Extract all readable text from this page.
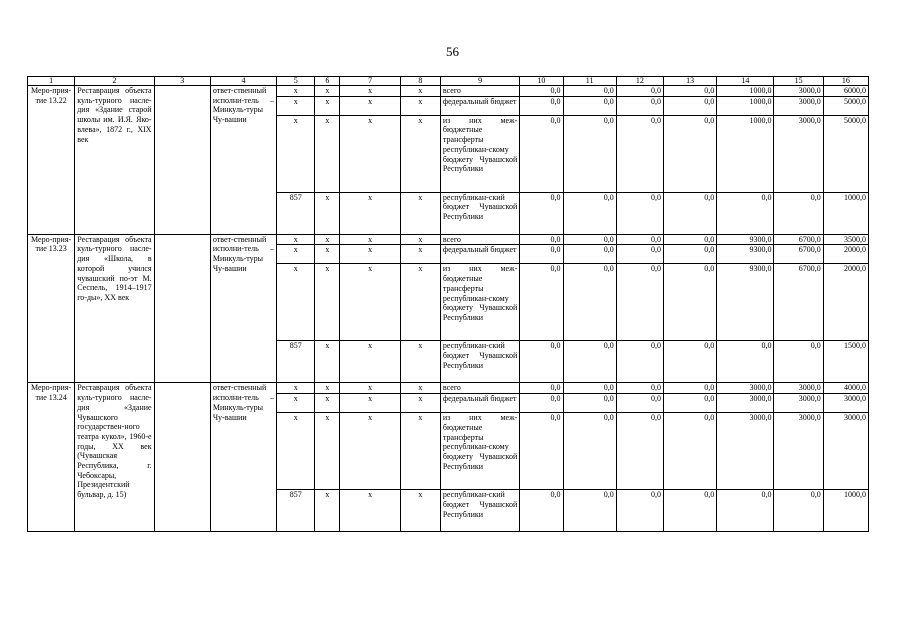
56
1	2	3	4	5	6	7	8	9	10	11	12	13	14	15	16
Меро-прия-тие 13.22	Реставрация объекта куль-турного насле-дия «Здание старой школы им. И.Я. Яко-влева», 1872 г., XIX век		ответ-ственный исполни-тель – Минкуль-туры Чу-вашии	x	x	x	x	всего	0,0	0,0	0,0	0,0	1000,0	3000,0	6000,0
				x	x	x	x	федеральный бюджет	0,0	0,0	0,0	0,0	1000,0	3000,0	5000,0
				x	x	x	x	из них меж-бюджетные трансферты республикан-скому бюджету Чувашской Республики	0,0	0,0	0,0	0,0	1000,0	3000,0	5000,0
				857	x	x	x	республикан-ский бюджет Чувашской Республики	0,0	0,0	0,0	0,0	0,0	0,0	1000,0
Меро-прия-тие 13.23	Реставрация объекта куль-турного насле-дия «Школа, в которой учился чувашский по-эт М. Сеспель, 1914–1917 го-ды», XX век		ответ-ственный исполни-тель – Минкуль-туры Чу-вашии	x	x	x	x	всего	0,0	0,0	0,0	0,0	9300,0	6700,0	3500,0
				x	x	x	x	федеральный бюджет	0,0	0,0	0,0	0,0	9300,0	6700,0	2000,0
				x	x	x	x	из них меж-бюджетные трансферты республикан-скому бюджету Чувашской Республики	0,0	0,0	0,0	0,0	9300,0	6700,0	2000,0
				857	x	x	x	республикан-ский бюджет Чувашской Республики	0,0	0,0	0,0	0,0	0,0	0,0	1500,0
Меро-прия-тие 13.24	Реставрация объекта куль-турного насле-дия «Здание Чувашского государствен-ного театра кукол», 1960-е годы, XX век (Чувашская Республика, г. Чебоксары, Президентский бульвар, д. 15)		ответ-ственный исполни-тель – Минкуль-туры Чу-вашии	x	x	x	x	всего	0,0	0,0	0,0	0,0	3000,0	3000,0	4000,0
				x	x	x	x	федеральный бюджет	0,0	0,0	0,0	0,0	3000,0	3000,0	3000,0
				x	x	x	x	из них меж-бюджетные трансферты республикан-скому бюджету Чувашской Республики	0,0	0,0	0,0	0,0	3000,0	3000,0	3000,0
				857	x	x	x	республикан-ский бюджет Чувашской Республики	0,0	0,0	0,0	0,0	0,0	0,0	1000,0
